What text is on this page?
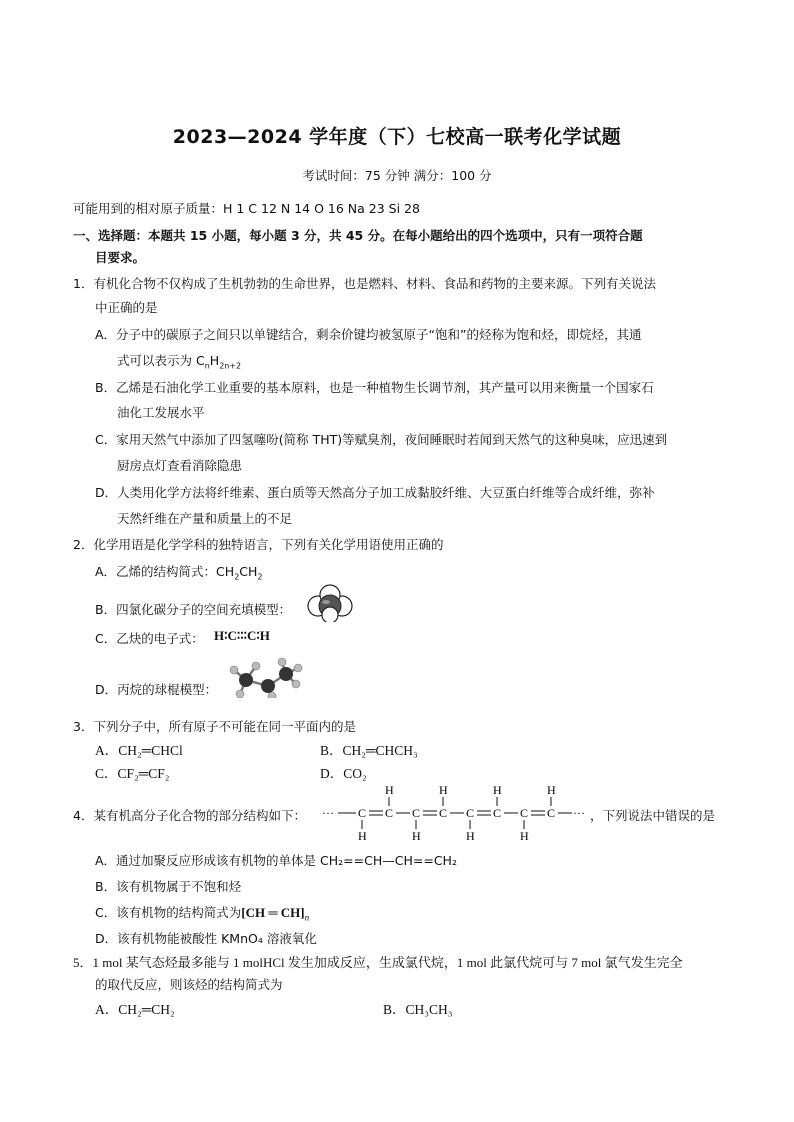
2023—2024 学年度（下）七校高一联考化学试题
考试时间：75 分钟 满分：100 分
可能用到的相对原子质量：H 1 C 12 N 14 O 16 Na 23 Si 28
一、选择题：本题共 15 小题，每小题 3 分，共 45 分。在每小题给出的四个选项中，只有一项符合题
目要求。
1．有机化合物不仅构成了生机勃勃的生命世界，也是燃料、材料、食品和药物的主要来源。下列有关说法
中正确的是
A．分子中的碳原子之间只以单键结合，剩余价键均被氢原子“饱和”的烃称为饱和烃，即烷烃，其通
式可以表示为 $C_nH_{2n+2}$
B．乙烯是石油化学工业重要的基本原料，也是一种植物生长调节剂，其产量可以用来衡量一个国家石
油化工发展水平
C．家用天然气中添加了四氢噻吩(简称 THT)等赋臭剂，夜间睡眠时若闻到天然气的这种臭味，应迅速到
厨房点灯查看消除隐患
D．人类用化学方法将纤维素、蛋白质等天然高分子加工成黏胶纤维、大豆蛋白纤维等合成纤维，弥补
天然纤维在产量和质量上的不足
2．化学用语是化学学科的独特语言，下列有关化学用语使用正确的
A．乙烯的结构简式：$CH_2CH_2$
B．四氯化碳分子的空间充填模型：
C．乙炔的电子式： H∶C∶∶∶C∶H
D．丙烷的球棍模型：
3．下列分子中，所有原子不可能在同一平面内的是
A．CH₂═CHCl	B．CH₂═CHCH₃
C．CF₂═CF₂	D．CO₂
4．某有机高分子化合物的部分结构如下： ··· C C C C C C C C ···
H	H	H	H
H	H	H	H
，下列说法中错误的是
A．通过加聚反应形成该有机物的单体是 CH₂==CH—CH==CH₂
B．该有机物属于不饱和烃
C．该有机物的结构简式为[CH ═ $CH]_n$
D．该有机物能被酸性 KMnO₄ 溶液氧化
5．1 mol 某气态烃最多能与 1 molHCl 发生加成反应，生成氯代烷，1 mol 此氯代烷可与 7 mol 氯气发生完全
的取代反应，则该烃的结构简式为
A．CH₂═CH₂	B．CH₃CH₃
